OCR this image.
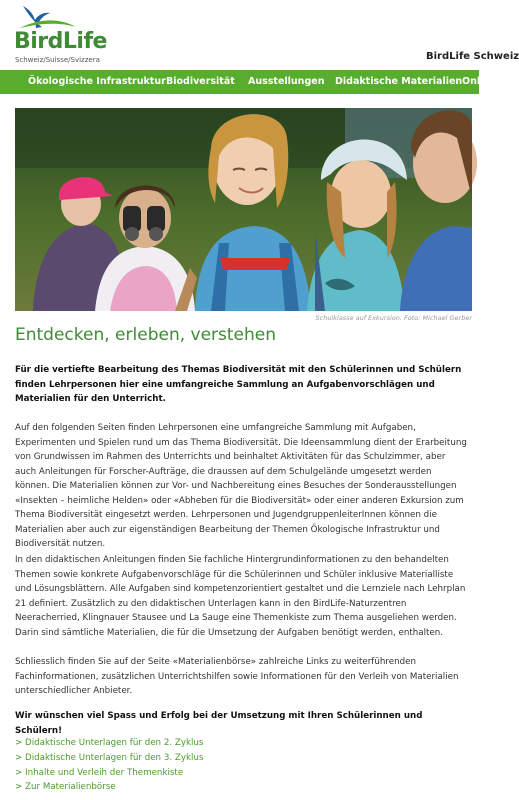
BirdLife
Schweiz/Suisse/Svizzera	BirdLife Schweiz
Ökologische Infrastruktur Biodiversität Ausstellungen Didaktische Materialien Online
Schulklasse auf Exkursion. Foto: Michael Gerber
Entdecken, erleben, verstehen

Für die vertiefte Bearbeitung des Themas Biodiversität mit den Schülerinnen und Schülern finden Lehrpersonen hier eine umfangreiche Sammlung an Aufgabenvorschlägen und Materialien für den Unterricht.

Auf den folgenden Seiten finden Lehrpersonen eine umfangreiche Sammlung mit Aufgaben, Experimenten und Spielen rund um das Thema Biodiversität. Die Ideensammlung dient der Erarbeitung von Grundwissen im Rahmen des Unterrichts und beinhaltet Aktivitäten für das Schulzimmer, aber auch Anleitungen für Forscher-Aufträge, die draussen auf dem Schulgelände umgesetzt werden können. Die Materialien können zur Vor- und Nachbereitung eines Besuches der Sonderausstellungen «Insekten – heimliche Helden» oder «Abheben für die Biodiversität» oder einer anderen Exkursion zum Thema Biodiversität eingesetzt werden. Lehrpersonen und JugendgruppenleiterInnen können die Materialien aber auch zur eigenständigen Bearbeitung der Themen Ökologische Infrastruktur und Biodiversität nutzen.

In den didaktischen Anleitungen finden Sie fachliche Hintergrundinformationen zu den behandelten Themen sowie konkrete Aufgabenvorschläge für die Schülerinnen und Schüler inklusive Materialliste und Lösungsblättern. Alle Aufgaben sind kompetenzorientiert gestaltet und die Lernziele nach Lehrplan 21 definiert. Zusätzlich zu den didaktischen Unterlagen kann in den BirdLife-Naturzentren Neeracherried, Klingnauer Stausee und La Sauge eine Themenkiste zum Thema ausgeliehen werden. Darin sind sämtliche Materialien, die für die Umsetzung der Aufgaben benötigt werden, enthalten.

Schliesslich finden Sie auf der Seite «Materialienbörse» zahlreiche Links zu weiterführenden Fachinformationen, zusätzlichen Unterrichtshilfen sowie Informationen für den Verleih von Materialien unterschiedlicher Anbieter.

Wir wünschen viel Spass und Erfolg bei der Umsetzung mit Ihren Schülerinnen und Schülern!

> Didaktische Unterlagen für den 2. Zyklus
> Didaktische Unterlagen für den 3. Zyklus
> Inhalte und Verleih der Themenkiste
> Zur Materialienbörse
